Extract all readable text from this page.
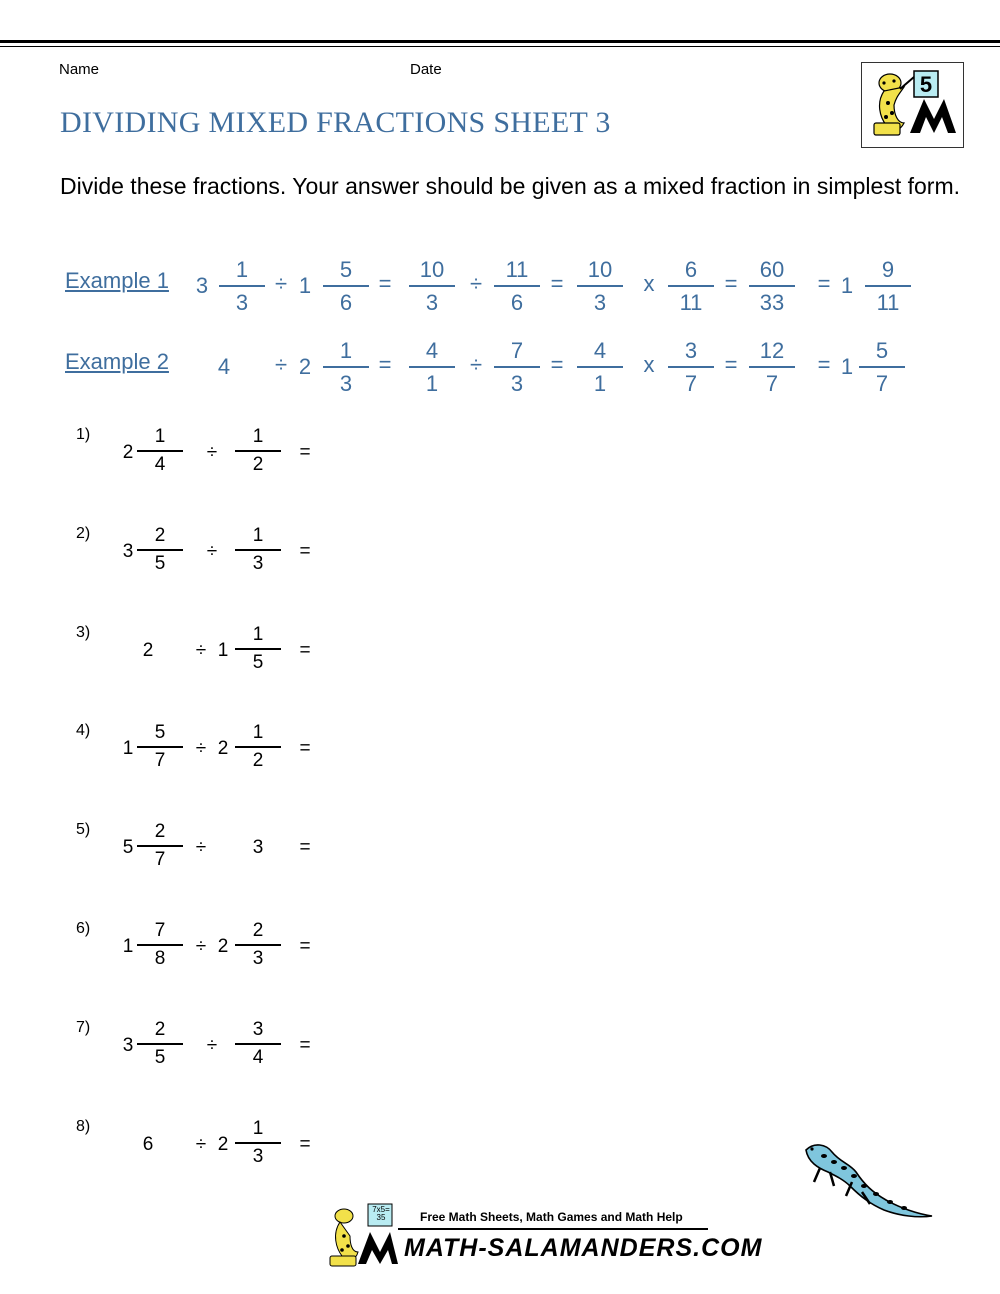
Name	Date
5
DIVIDING MIXED FRACTIONS SHEET 3
Divide these fractions. Your answer should be given as a mixed fraction in simplest form.
Example 1 3
1
3
÷ 1
5
6
=
10
3
÷
11
6
=
10
3
x
6
11
=
60
33
= 1
9
11
Example 2 4 ÷ 2
1
3
=
4
1
÷
7
3
=
4
1
x
3
7
=
12
7
= 1
5
7
1)
2
1
4
÷
1
2
=
2)
3
2
5
÷
1
3
=
3)
2 ÷ 1
1
5
=
4)
1
5
7
÷ 2
1
2
=
5)
5
2
7
÷ 3 =
6)
1
7
8
÷ 2
2
3
=
7)
3
2
5
÷
3
4
=
8)
6 ÷ 2
1
3
=
7x5= 35	Free Math Sheets, Math Games and Math Help
MATH-SALAMANDERS.COM
